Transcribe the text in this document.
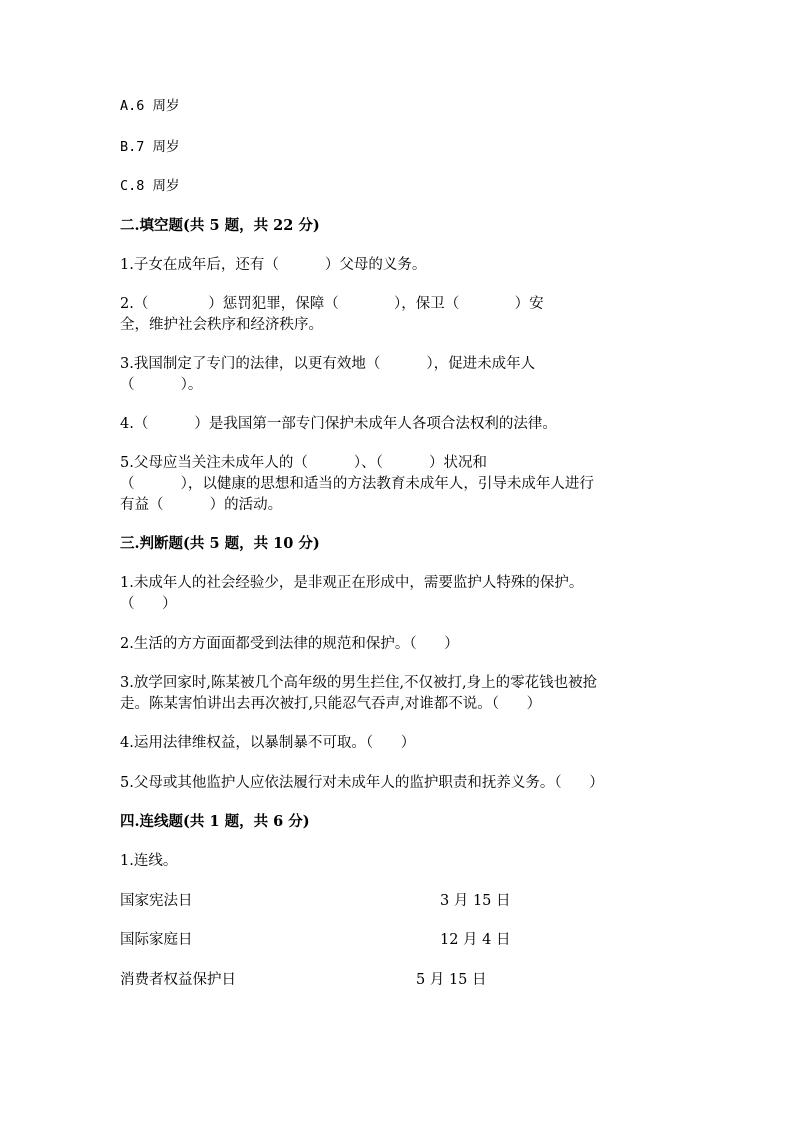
A.6 周岁
B.7 周岁
C.8 周岁
二.填空题(共 5 题，共 22 分)
1.子女在成年后，还有（          ）父母的义务。
2.（             ）惩罚犯罪，保障（            ），保卫（            ）安
全，维护社会秩序和经济秩序。
3.我国制定了专门的法律，以更有效地（          ），促进未成年人
（          ）。
4.（          ）是我国第一部专门保护未成年人各项合法权利的法律。
5.父母应当关注未成年人的（          ）、（          ）状况和
（          ），以健康的思想和适当的方法教育未成年人，引导未成年人进行
有益（          ）的活动。
三.判断题(共 5 题，共 10 分)
1.未成年人的社会经验少，是非观正在形成中，需要监护人特殊的保护。
（      ）
2.生活的方方面面都受到法律的规范和保护。（      ）
3.放学回家时,陈某被几个高年级的男生拦住,不仅被打,身上的零花钱也被抢
走。陈某害怕讲出去再次被打,只能忍气吞声,对谁都不说。（      ）
4.运用法律维权益，以暴制暴不可取。（      ）
5.父母或其他监护人应依法履行对未成年人的监护职责和抚养义务。（      ）
四.连线题(共 1 题，共 6 分)
1.连线。
国家宪法日	3 月 15 日
国际家庭日	12 月 4 日
消费者权益保护日	5 月 15 日
